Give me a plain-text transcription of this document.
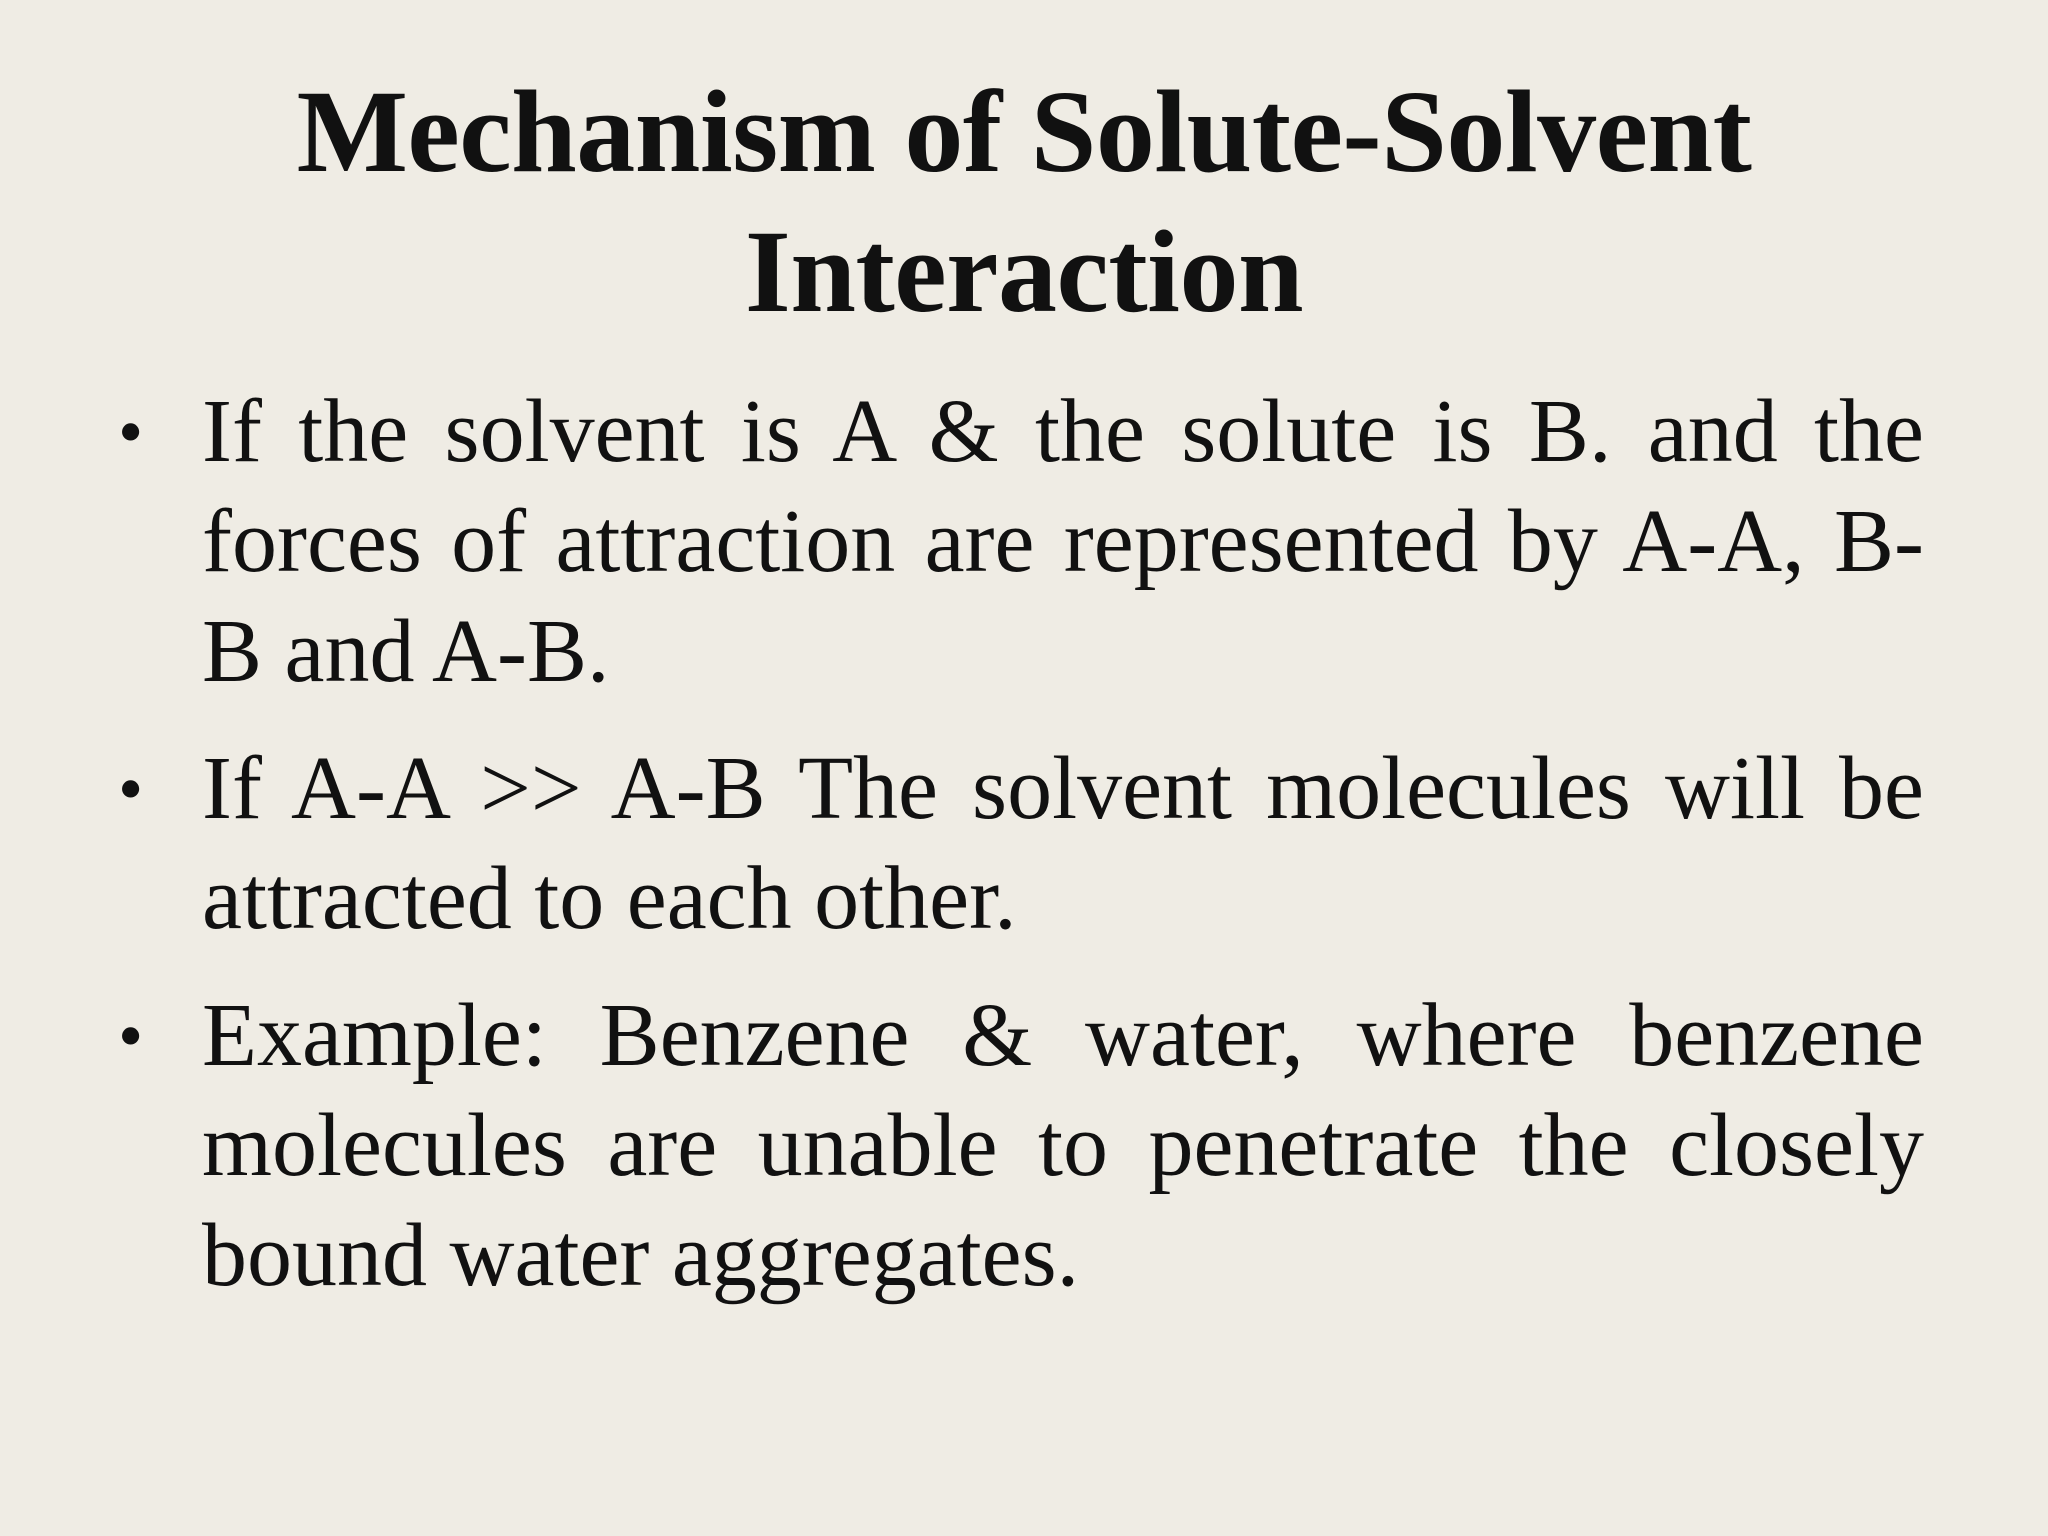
Mechanism of Solute-Solvent
Interaction
• If the solvent is A & the solute is B. and the forces of attraction are represented by A-A, B-B and A-B.
• If A-A >> A-B The solvent molecules will be attracted to each other.
• Example: Benzene & water, where benzene molecules are unable to penetrate the closely bound water aggregates.
